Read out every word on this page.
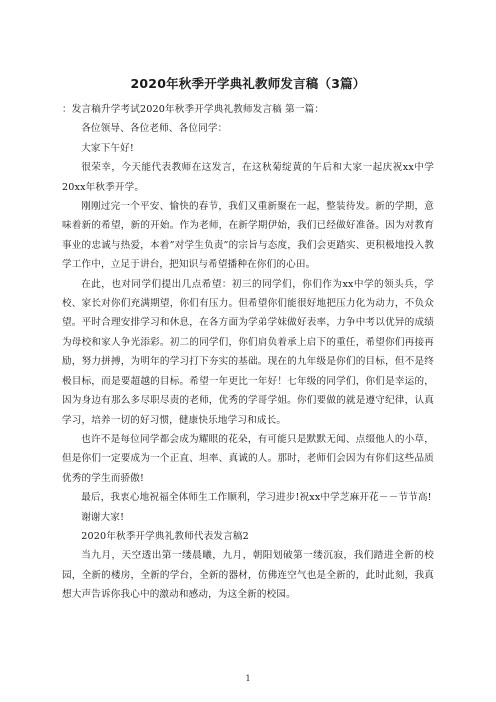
2020年秋季开学典礼教师发言稿（3篇）

：发言稿升学考试2020年秋季开学典礼教师发言稿 第一篇：

各位领导、各位老师、各位同学：

大家下午好!

很荣幸，今天能代表教师在这发言，在这秋菊绽黄的午后和大家一起庆祝xx中学20xx年秋季开学。

刚刚过完一个平安、愉快的春节，我们又重新聚在一起，整装待发。新的学期，意味着新的希望，新的开始。作为老师，在新学期伊始，我们已经做好准备。因为对教育事业的忠诚与热爱，本着”对学生负责”的宗旨与态度，我们会更踏实、更积极地投入教学工作中，立足于讲台，把知识与希望播种在你们的心田。

在此，也对同学们提出几点希望：初三的同学们，你们作为xx中学的领头兵，学校、家长对你们充满期望，你们有压力。但希望你们能很好地把压力化为动力，不负众望。平时合理安排学习和休息，在各方面为学弟学妹做好表率，力争中考以优异的成绩为母校和家人争光添彩。初二的同学们，你们肩负着承上启下的重任，希望你们再接再励，努力拼搏，为明年的学习打下夯实的基础。现在的九年级是你们的目标，但不是终极目标，而是要超越的目标。希望一年更比一年好！七年级的同学们，你们是幸运的，因为身边有那么多尽职尽责的老师，优秀的学哥学姐。你们要做的就是遵守纪律，认真学习，培养一切的好习惯，健康快乐地学习和成长。

也许不是每位同学都会成为耀眼的花朵，有可能只是默默无闻、点缀他人的小草，但是你们一定要成为一个正直、坦率、真诚的人。那时，老师们会因为有你们这些品质优秀的学生而骄傲!

最后，我衷心地祝福全体师生工作顺利，学习进步!祝xx中学芝麻开花－－节节高!

谢谢大家!

2020年秋季开学典礼教师代表发言稿2

当九月，天空透出第一缕晨曦，九月，朝阳划破第一缕沉寂，我们踏进全新的校园，全新的楼房，全新的学台，全新的器材，仿佛连空气也是全新的，此时此刻，我真想大声告诉你我心中的激动和感动，为这全新的校园。

1
